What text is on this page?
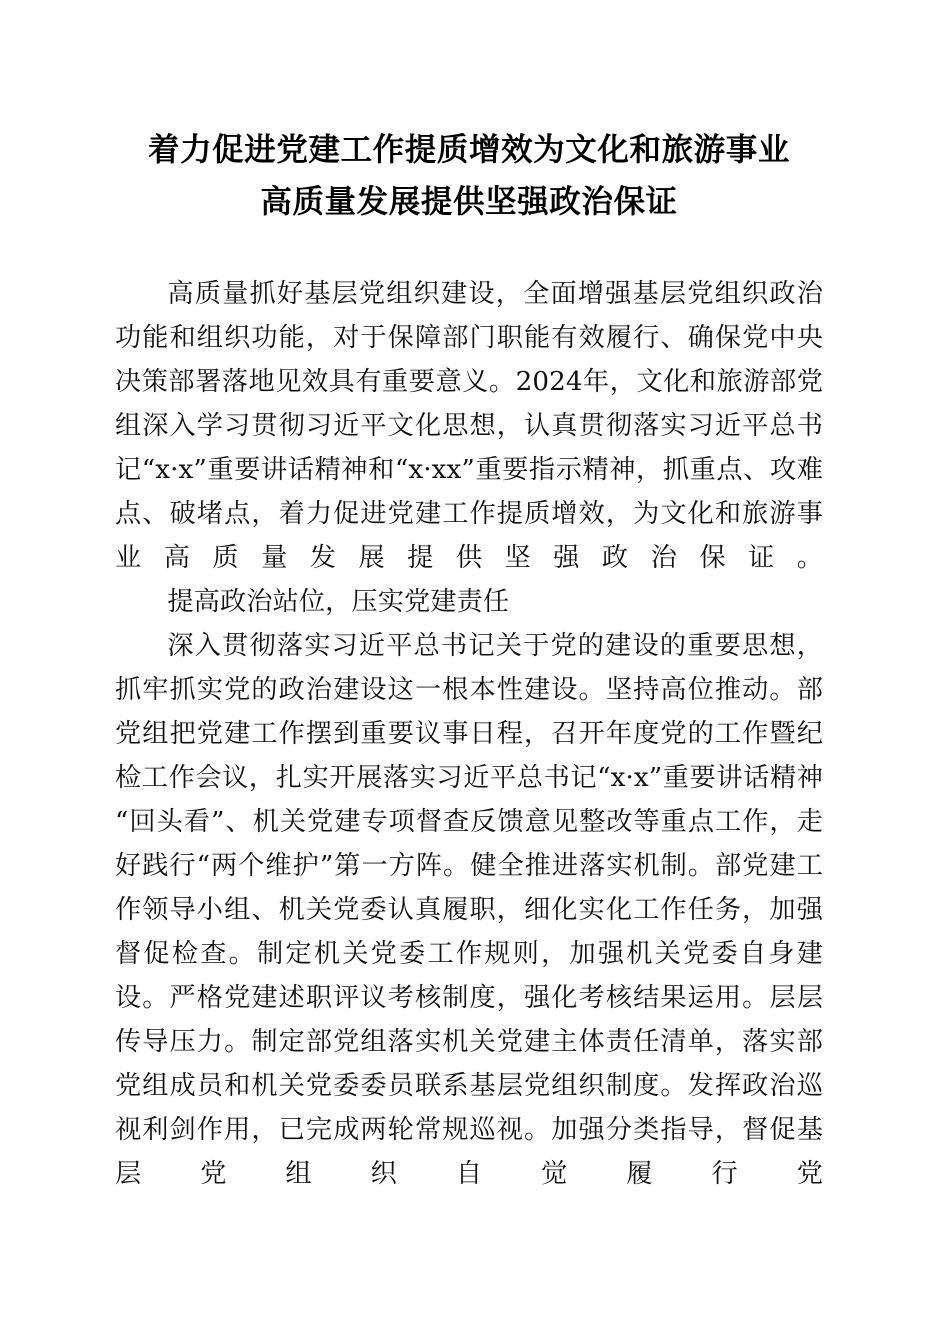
着力促进党建工作提质增效为文化和旅游事业
高质量发展提供坚强政治保证

高质量抓好基层党组织建设，全面增强基层党组织政治功能和组织功能，对于保障部门职能有效履行、确保党中央决策部署落地见效具有重要意义。2024年，文化和旅游部党组深入学习贯彻习近平文化思想，认真贯彻落实习近平总书记“x·x”重要讲话精神和“x·xx”重要指示精神，抓重点、攻难点、破堵点，着力促进党建工作提质增效，为文化和旅游事业高质量发展提供坚强政治保证。

提高政治站位，压实党建责任

深入贯彻落实习近平总书记关于党的建设的重要思想，抓牢抓实党的政治建设这一根本性建设。坚持高位推动。部党组把党建工作摆到重要议事日程，召开年度党的工作暨纪检工作会议，扎实开展落实习近平总书记“x·x”重要讲话精神“回头看”、机关党建专项督查反馈意见整改等重点工作，走好践行“两个维护”第一方阵。健全推进落实机制。部党建工作领导小组、机关党委认真履职，细化实化工作任务，加强督促检查。制定机关党委工作规则，加强机关党委自身建设。严格党建述职评议考核制度，强化考核结果运用。层层传导压力。制定部党组落实机关党建主体责任清单，落实部党组成员和机关党委委员联系基层党组织制度。发挥政治巡视利剑作用，已完成两轮常规巡视。加强分类指导，督促基层党组织自觉履行党
